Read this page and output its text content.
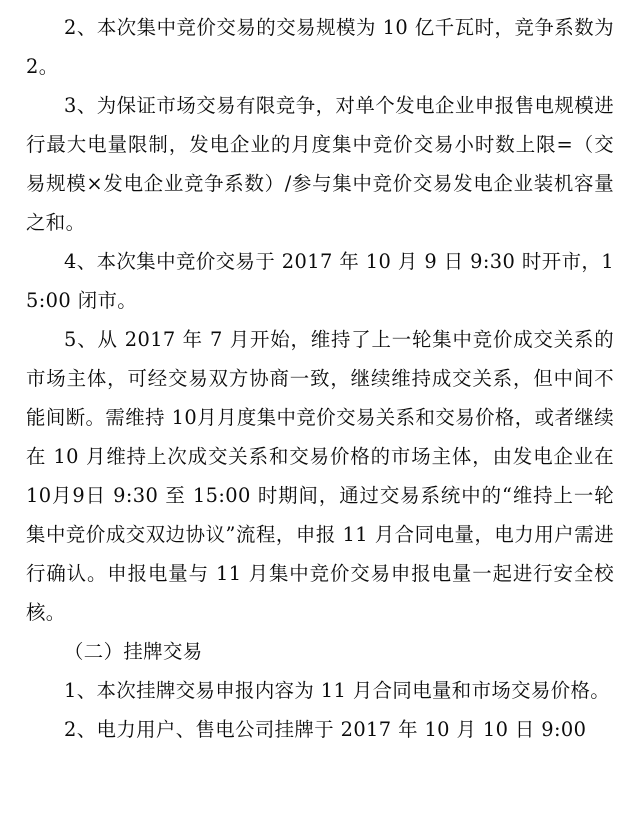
2、本次集中竞价交易的交易规模为 10 亿千瓦时，竞争系数为 2。

3、为保证市场交易有限竞争，对单个发电企业申报售电规模进行最大电量限制，发电企业的月度集中竞价交易小时数上限=（交易规模×发电企业竞争系数）/参与集中竞价交易发电企业装机容量之和。

4、本次集中竞价交易于 2017 年 10 月 9 日 9:30 时开市，15:00 闭市。

5、从 2017 年 7 月开始，维持了上一轮集中竞价成交关系的市场主体，可经交易双方协商一致，继续维持成交关系，但中间不能间断。需维持 10月月度集中竞价交易关系和交易价格，或者继续在 10 月维持上次成交关系和交易价格的市场主体，由发电企业在 10月9日 9:30 至 15:00 时期间，通过交易系统中的“维持上一轮集中竞价成交双边协议”流程，申报 11 月合同电量，电力用户需进行确认。申报电量与 11 月集中竞价交易申报电量一起进行安全校核。

（二）挂牌交易

1、本次挂牌交易申报内容为 11 月合同电量和市场交易价格。

2、电力用户、售电公司挂牌于 2017 年 10 月 10 日 9:00
